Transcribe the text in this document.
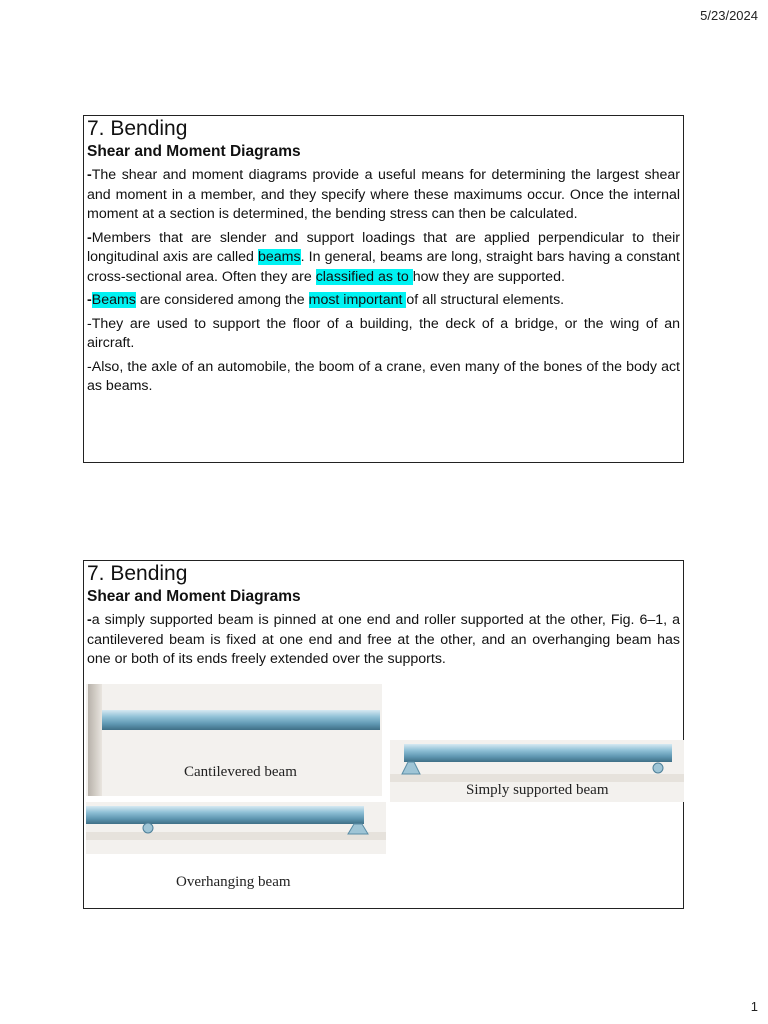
5/23/2024
7. Bending
Shear and Moment Diagrams
-The shear and moment diagrams provide a useful means for determining the largest shear and moment in a member, and they specify where these maximums occur. Once the internal moment at a section is determined, the bending stress can then be calculated.
-Members that are slender and support loadings that are applied perpendicular to their longitudinal axis are called beams. In general, beams are long, straight bars having a constant cross-sectional area. Often they are classified as to how they are supported.
-Beams are considered among the most important of all structural elements.
-They are used to support the floor of a building, the deck of a bridge, or the wing of an aircraft.
-Also, the axle of an automobile, the boom of a crane, even many of the bones of the body act as beams.
7. Bending
Shear and Moment Diagrams
-a simply supported beam is pinned at one end and roller supported at the other, Fig. 6–1, a cantilevered beam is fixed at one end and free at the other, and an overhanging beam has one or both of its ends freely extended over the supports.
Cantilevered beam
Simply supported beam
Overhanging beam
1
